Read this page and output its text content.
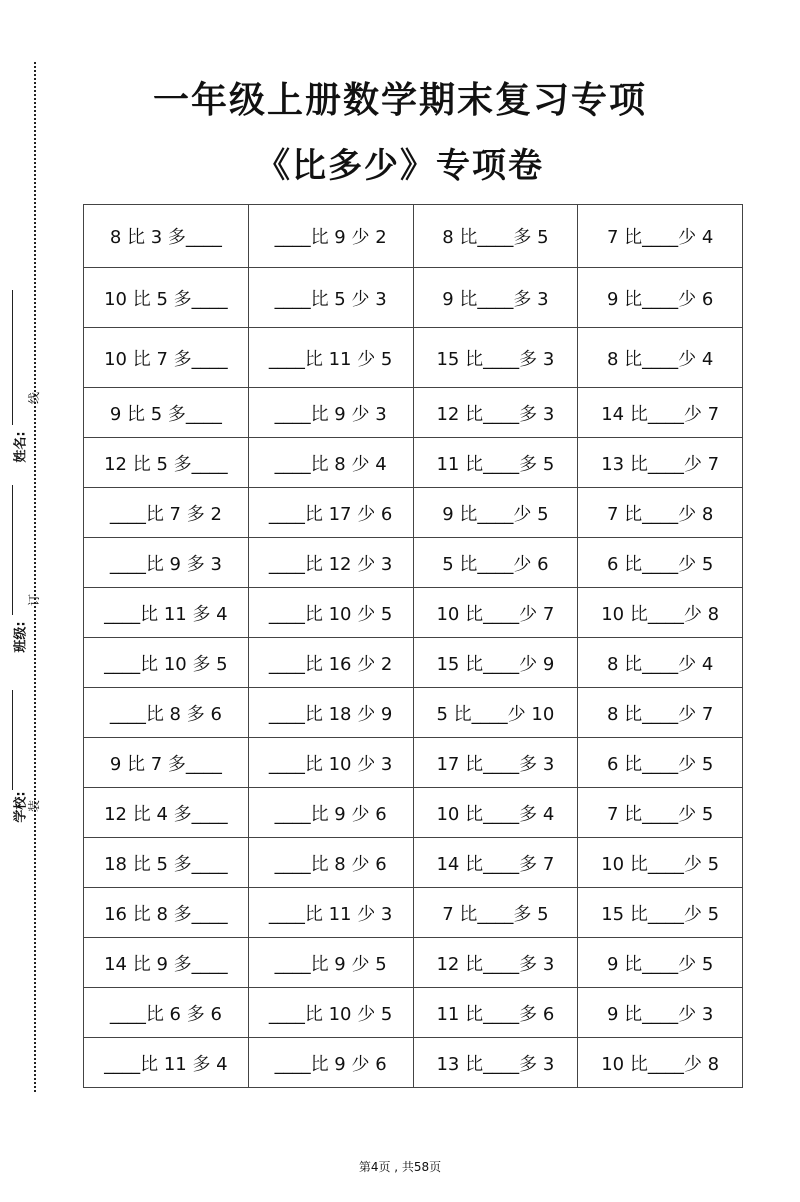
学校:
班级:
姓名:
装
订
线
一年级上册数学期末复习专项
《比多少》专项卷
8 比 3 多____	____比 9 少 2	8 比____多 5	7 比____少 4
10 比 5 多____	____比 5 少 3	9 比____多 3	9 比____少 6
10 比 7 多____	____比 11 少 5	15 比____多 3	8 比____少 4
9 比 5 多____	____比 9 少 3	12 比____多 3	14 比____少 7
12 比 5 多____	____比 8 少 4	11 比____多 5	13 比____少 7
____比 7 多 2	____比 17 少 6	9 比____少 5	7 比____少 8
____比 9 多 3	____比 12 少 3	5 比____少 6	6 比____少 5
____比 11 多 4	____比 10 少 5	10 比____少 7	10 比____少 8
____比 10 多 5	____比 16 少 2	15 比____少 9	8 比____少 4
____比 8 多 6	____比 18 少 9	5 比____少 10	8 比____少 7
9 比 7 多____	____比 10 少 3	17 比____多 3	6 比____少 5
12 比 4 多____	____比 9 少 6	10 比____多 4	7 比____少 5
18 比 5 多____	____比 8 少 6	14 比____多 7	10 比____少 5
16 比 8 多____	____比 11 少 3	7 比____多 5	15 比____少 5
14 比 9 多____	____比 9 少 5	12 比____多 3	9 比____少 5
____比 6 多 6	____比 10 少 5	11 比____多 6	9 比____少 3
____比 11 多 4	____比 9 少 6	13 比____多 3	10 比____少 8
第4页 , 共58页
